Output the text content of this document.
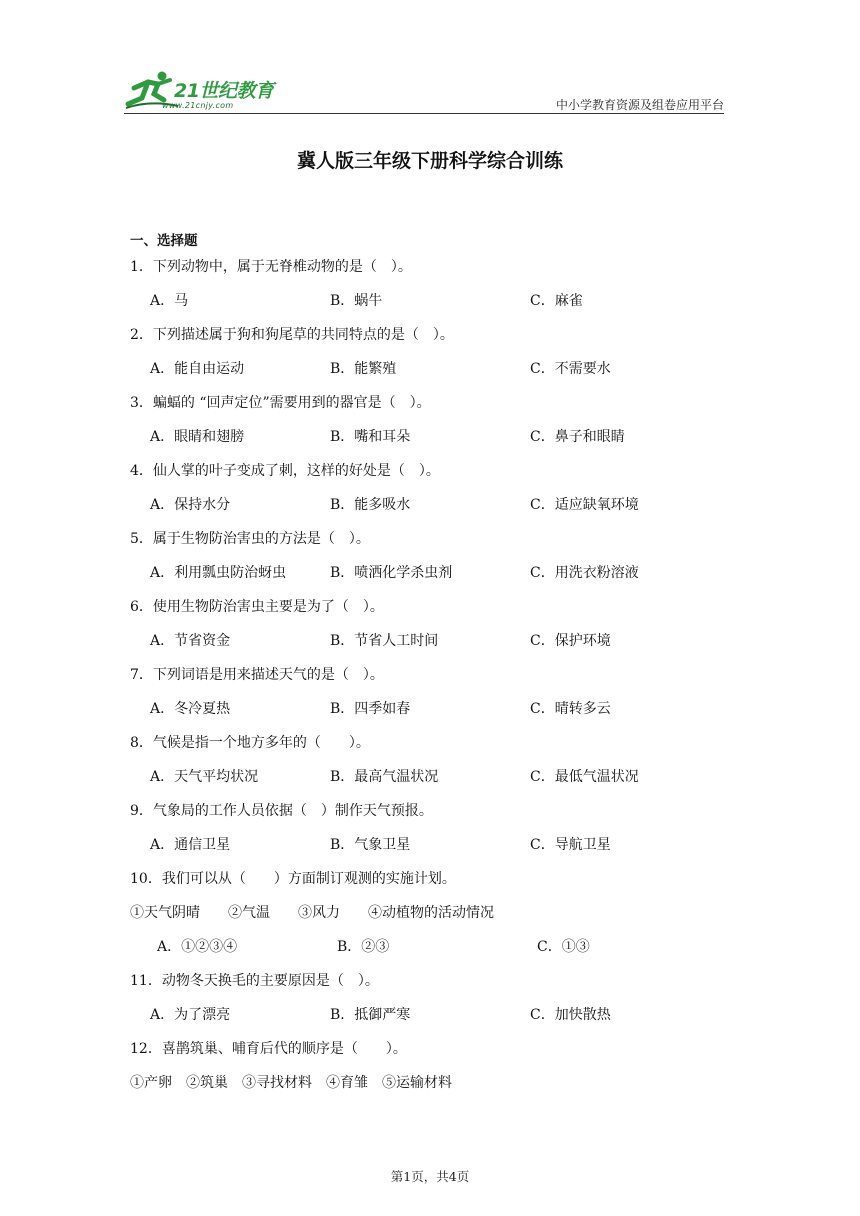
21世纪教育
www.21cnjy.com	中小学教育资源及组卷应用平台
冀人版三年级下册科学综合训练
一、选择题
1．下列动物中，属于无脊椎动物的是（　）。
A．马	B．蜗牛	C．麻雀
2．下列描述属于狗和狗尾草的共同特点的是（　）。
A．能自由运动	B．能繁殖	C．不需要水
3．蝙蝠的 “回声定位”需要用到的器官是（　）。
A．眼睛和翅膀	B．嘴和耳朵	C．鼻子和眼睛
4．仙人掌的叶子变成了刺，这样的好处是（　）。
A．保持水分	B．能多吸水	C．适应缺氧环境
5．属于生物防治害虫的方法是（　）。
A．利用瓢虫防治蚜虫	B．喷洒化学杀虫剂	C．用洗衣粉溶液
6．使用生物防治害虫主要是为了（　）。
A．节省资金	B．节省人工时间	C．保护环境
7．下列词语是用来描述天气的是（　）。
A．冬冷夏热	B．四季如春	C．晴转多云
8．气候是指一个地方多年的（　　）。
A．天气平均状况	B．最高气温状况	C．最低气温状况
9．气象局的工作人员依据（　）制作天气预报。
A．通信卫星	B．气象卫星	C．导航卫星
10．我们可以从（　　）方面制订观测的实施计划。
①天气阴晴　　②气温　　③风力　　④动植物的活动情况
A．①②③④	B．②③	C．①③
11．动物冬天换毛的主要原因是（　）。
A．为了漂亮	B．抵御严寒	C．加快散热
12．喜鹊筑巢、哺育后代的顺序是（　　）。
①产卵　②筑巢　③寻找材料　④育雏　⑤运输材料
第1页，共4页
